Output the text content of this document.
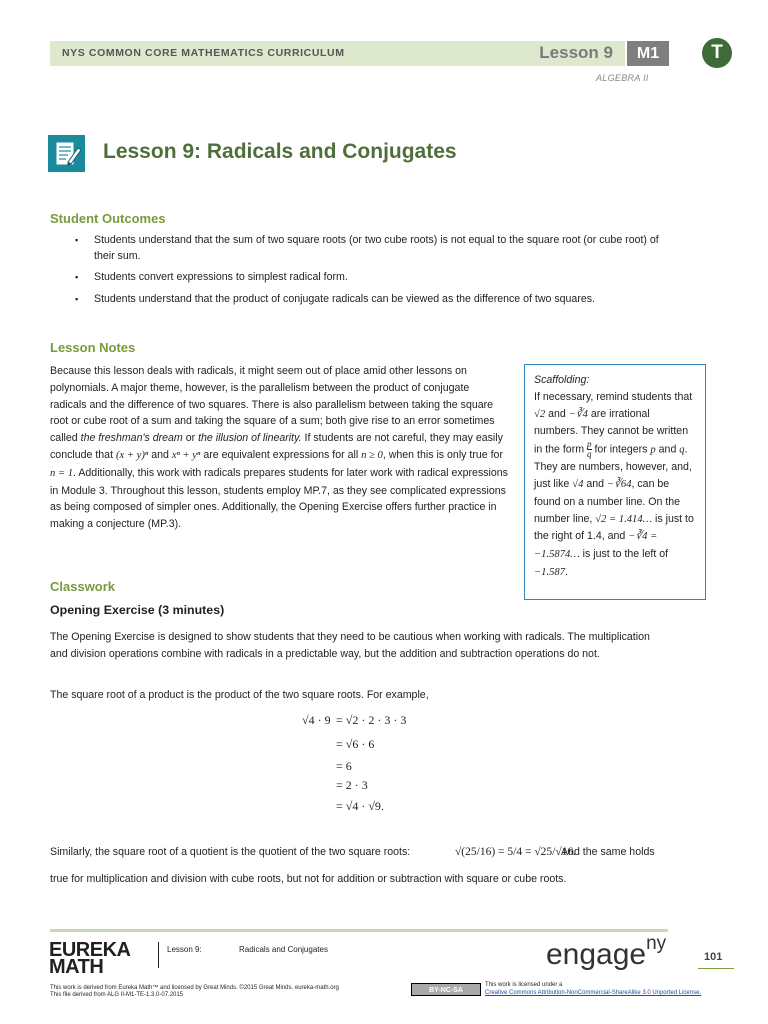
NYS COMMON CORE MATHEMATICS CURRICULUM	Lesson 9	M1	T
ALGEBRA II
Lesson 9: Radicals and Conjugates
Student Outcomes
▪ Students understand that the sum of two square roots (or two cube roots) is not equal to the square root (or cube root) of their sum.
▪ Students convert expressions to simplest radical form.
▪ Students understand that the product of conjugate radicals can be viewed as the difference of two squares.
Lesson Notes
Because this lesson deals with radicals, it might seem out of place amid other lessons on polynomials. A major theme, however, is the parallelism between the product of conjugate radicals and the difference of two squares. There is also parallelism between taking the square root or cube root of a sum and taking the square of a sum; both give rise to an error sometimes called the freshman's dream or the illusion of linearity. If students are not careful, they may easily conclude that (x + y)ⁿ and xⁿ + yⁿ are equivalent expressions for all n ≥ 0, when this is only true for n = 1. Additionally, this work with radicals prepares students for later work with radical expressions in Module 3. Throughout this lesson, students employ MP.7, as they see complicated expressions as being composed of simpler ones. Additionally, the Opening Exercise offers further practice in making a conjecture (MP.3).
Scaffolding:
If necessary, remind students that √2 and −∛4 are irrational numbers. They cannot be written in the form $\frac{p}{q}$ for integers p and q. They are numbers, however, and, just like √4 and −∛64, can be found on a number line. On the number line, √2 = 1.414… is just to the right of 1.4, and −∛4 = −1.5874… is just to the left of −1.587.
Classwork
Opening Exercise (3 minutes)
The Opening Exercise is designed to show students that they need to be cautious when working with radicals. The multiplication and division operations combine with radicals in a predictable way, but the addition and subtraction operations do not.
The square root of a product is the product of the two square roots. For example,
√4 · 9 = √2 · 2 · 3 · 3
= √6 · 6
= 6
= 2 · 3
= √4 · √9.
Similarly, the square root of a quotient is the quotient of the two square roots:	√(25/16) = 5/4 = √25/√16.
And the same holds
true for multiplication and division with cube roots, but not for addition or subtraction with square or cube roots.
EUREKA
MATH
Lesson 9:	Radicals and Conjugates	engage$^{ny}$
101
This work is derived from Eureka Math™ and licensed by Great Minds. ©2015 Great Minds. eureka-math.org
This file derived from ALG II-M1-TE-1.3.0-07.2015
BY-NC-SA
This work is licensed under a
Creative Commons Attribution-NonCommercial-ShareAlike 3.0 Unported License.
